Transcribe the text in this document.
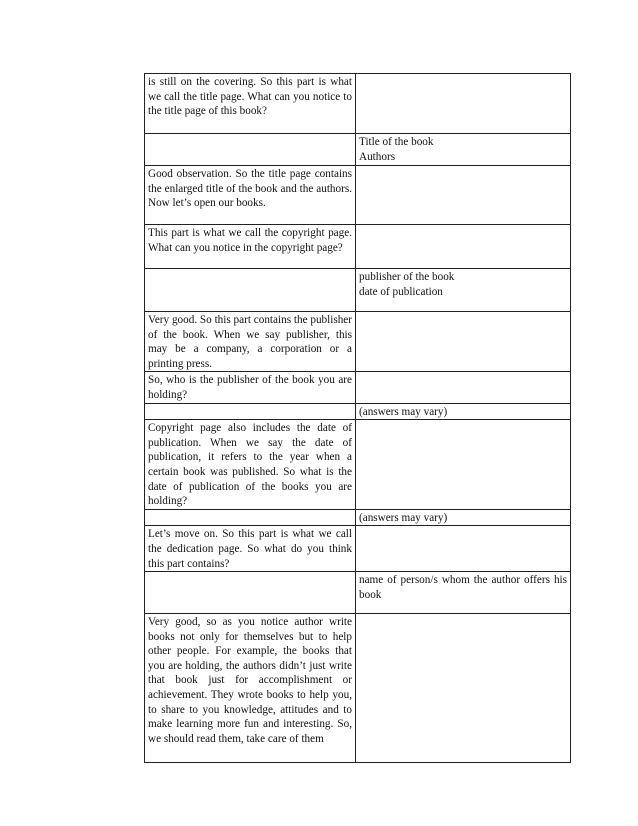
is still on the covering. So this part is what we call the title page. What can you notice to the title page of this book?	

	Title of the book
Authors

Good observation. So the title page contains the enlarged title of the book and the authors. Now let’s open our books.	
This part is what we call the copyright page. What can you notice in the copyright page?	

	publisher of the book
date of publication

Very good. So this part contains the publisher of the book. When we say publisher, this may be a company, a corporation or a printing press.	
So, who is the publisher of the book you are holding?	

	(answers may vary)

Copyright page also includes the date of publication. When we say the date of publication, it refers to the year when a certain book was published. So what is the date of publication of the books you are holding?	

	(answers may vary)

Let’s move on. So this part is what we call the dedication page. So what do you think this part contains?	

	name of person/s whom the author offers his book

Very good, so as you notice author write books not only for themselves but to help other people. For example, the books that you are holding, the authors didn’t just write that book just for accomplishment or achievement. They wrote books to help you, to share to you knowledge, attitudes and to make learning more fun and interesting. So, we should read them, take care of them	
